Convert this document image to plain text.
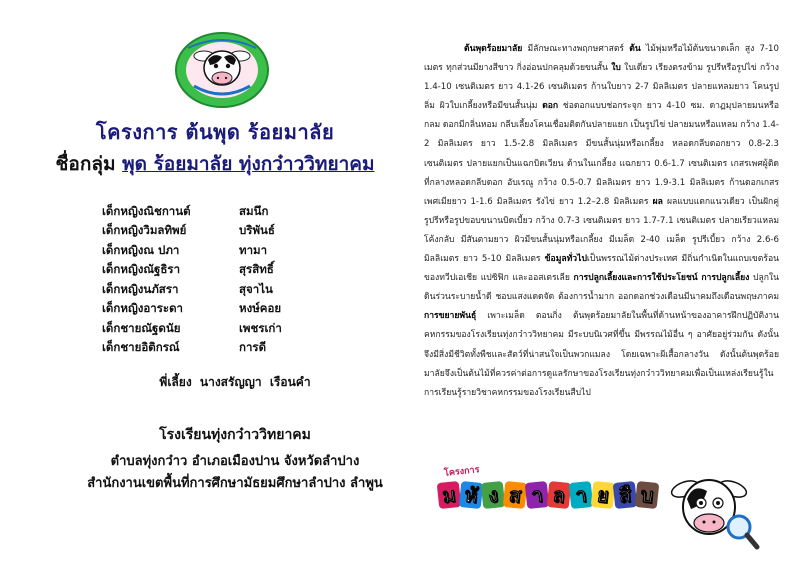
โครงการ ต้นพุด ร้อยมาลัย
ชื่อกลุ่ม พุด ร้อยมาลัย ทุ่งกว๋าววิทยาคม
เด็กหญิงณิชกานต์	สมนึก
เด็กหญิงวิมลทิพย์	บริพันธ์
เด็กหญิงณ ปภา	ทามา
เด็กหญิงณัฐธิรา	สุรสิทธิ์
เด็กหญิงนภัสรา	สุจาไน
เด็กหญิงอาระดา	หงษ์คอย
เด็กชายณัฐดนัย	เพชรเก่า
เด็กชายอิติกรณ์	การดี
พี่เลี้ยง นางสรัญญา เรือนคำ
โรงเรียนทุ่งกว๋าววิทยาคม
ตำบลทุ่งกว๋าว อำเภอเมืองปาน จังหวัดลำปาง
สำนักงานเขตพื้นที่การศึกษามัธยมศึกษาลำปาง ลำพูน
ต้นพุดร้อยมาลัย มีลักษณะทางพฤกษศาสตร์ ต้น ไม้พุ่มหรือไม้ต้นขนาดเล็ก สูง 7-10 เมตร ทุกส่วนมียางสีขาว กิ่งอ่อนปกคลุมด้วยขนสั้น ใบ ใบเดี่ยว เรียงตรงข้าม รูปรีหรือรูปไข่ กว้าง 1.4-10 เซนติเมตร ยาว 4.1-26 เซนติเมตร ก้านใบยาว 2-7 มิลลิเมตร ปลายแหลมยาว โคนรูปลิ่ม ผิวใบเกลี้ยงหรือมีขนสั้นนุ่ม ดอก ช่อดอกแบบช่อกระจุก ยาว 4-10 ซม. ดาฏมุปลายมนหรือกลม ดอกมีกลิ่นหอม กลีบเลี้ยงโคนเชื่อมติดกันปลายแยก เป็นรูปไข่ ปลายมนหรือแหลม กว้าง 1.4-2 มิลลิเมตร ยาว 1.5-2.8 มิลลิเมตร มีขนสั้นนุ่มหรือเกลี้ยง หลอดกลีบดอกยาว 0.8-2.3 เซนติเมตร ปลายแยกเป็นแฉกบิดเวียน ด้านในเกลี้ยง แฉกยาว 0.6-1.7 เซนติเมตร เกสรเพศผู้ติดที่กลางหลอดกลีบดอก อับเรณู กว้าง 0.5-0.7 มิลลิเมตร ยาว 1.9-3.1 มิลลิเมตร ก้านดอกเกสรเพศเมียยาว 1-1.6 มิลลิเมตร รังไข่ ยาว 1.2–2.8 มิลลิเมตร ผล ผลแบบแตกแนวเดียว เป็นฝักคู่ รูปรีหรือรูปขอบขนานบิดเบี้ยว กว้าง 0.7-3 เซนติเมตร ยาว 1.7-7.1 เซนติเมตร ปลายเรียวแหลมโค้งกลับ มีสันตามยาว ผิวมีขนสั้นนุ่มหรือเกลี้ยง มีเมล็ด 2-40 เมล็ด รูปรีเบี้ยว กว้าง 2.6-6 มิลลิเมตร ยาว 5-10 มิลลิเมตร ข้อมูลทั่วไปเป็นพรรณไม้ต่างประเทศ มีถิ่นกำเนิดในแถบเขตร้อนของทวีปเอเชีย แปซิฟิก และออสเตรเลีย การปลูกเลี้ยงและการใช้ประโยชน์ การปลูกเลี้ยง ปลูกในดินร่วนระบายน้ำดี ชอบแสงแดดจัด ต้องการน้ำมาก ออกดอกช่วงเดือนมีนาคมถึงเดือนพฤษภาคม การขยายพันธุ์ เพาะเมล็ด ตอนกิ่ง ต้นพุดร้อยมาลัยในพื้นที่ด้านหน้าของอาคารฝึกปฏิบัติงานคหกรรมของโรงเรียนทุ่งกว๋าววิทยาคม มีระบบนิเวศที่ขึ้น มีพรรณไม้อื่น ๆ อาศัยอยู่ร่วมกัน ดังนั้นจึงมีสิ่งมีชีวิตทั้งพืชและสัตว์ที่น่าสนใจเป็นพวกแมลง โดยเฉพาะผีเสื้อกลางวัน ดังนั้นต้นพุดร้อยมาลัยจึงเป็นต้นไม้ที่ควรค่าต่อการดูแลรักษาของโรงเรียนทุ่งกว๋าววิทยาคมเพื่อเป็นแหล่งเรียนรู้ในการเรียนรู้รายวิชาคหกรรมของโรงเรียนสืบไป
โครงการ
ม หั ง ส า ล า ย สื บ
